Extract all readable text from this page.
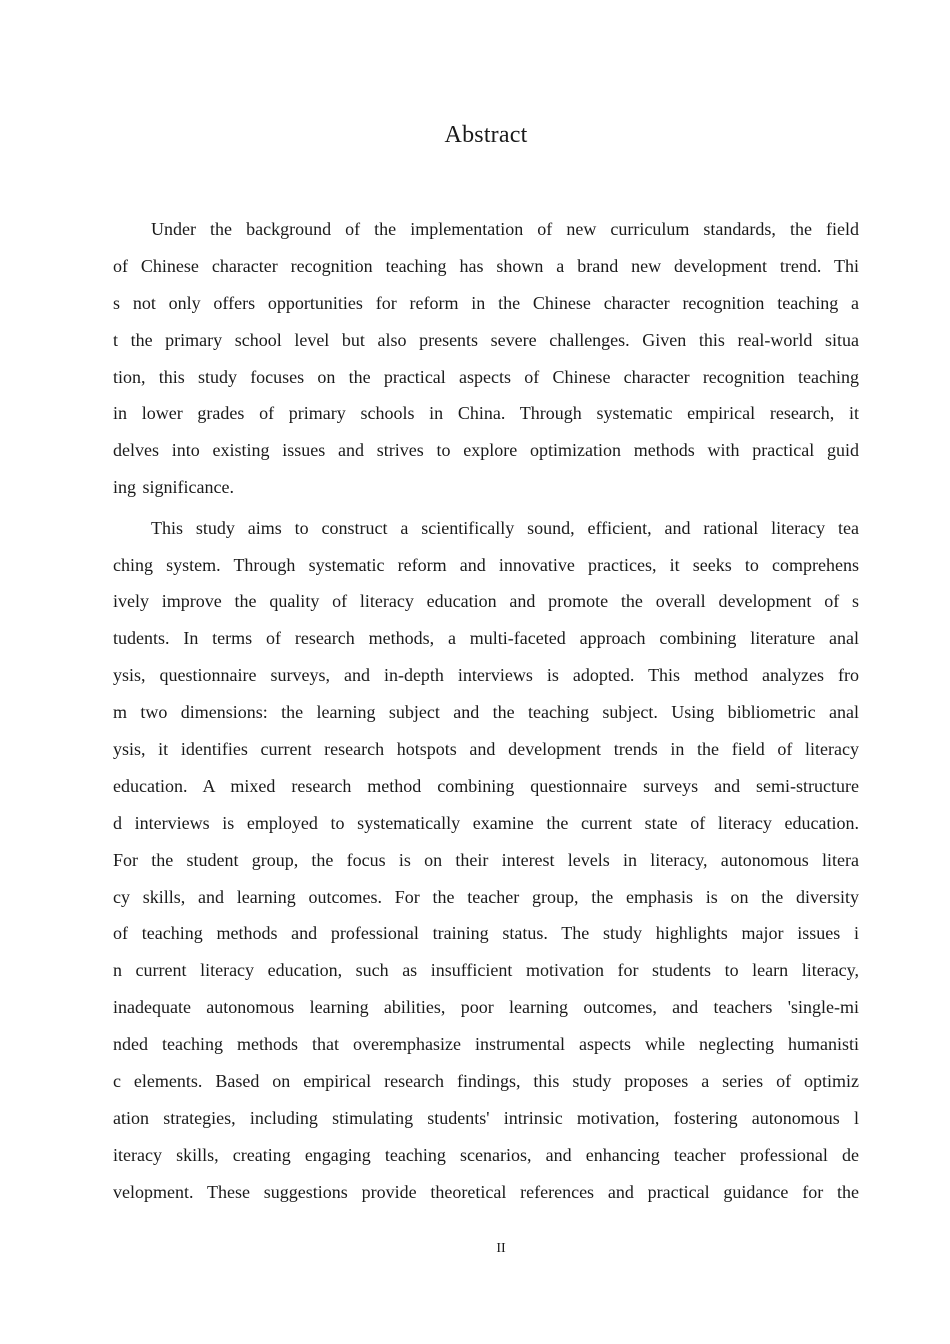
Abstract
Under the background of the implementation of new curriculum standards, the field
of Chinese character recognition teaching has shown a brand new development trend. Thi
s not only offers opportunities for reform in the Chinese character recognition teaching a
t the primary school level but also presents severe challenges. Given this real-world situa
tion, this study focuses on the practical aspects of Chinese character recognition teaching
in lower grades of primary schools in China. Through systematic empirical research, it
delves into existing issues and strives to explore optimization methods with practical guid
ing significance.
This study aims to construct a scientifically sound, efficient, and rational literacy tea
ching system. Through systematic reform and innovative practices, it seeks to comprehens
ively improve the quality of literacy education and promote the overall development of s
tudents. In terms of research methods, a multi-faceted approach combining literature anal
ysis, questionnaire surveys, and in-depth interviews is adopted. This method analyzes fro
m two dimensions: the learning subject and the teaching subject. Using bibliometric anal
ysis, it identifies current research hotspots and development trends in the field of literacy
education. A mixed research method combining questionnaire surveys and semi-structure
d interviews is employed to systematically examine the current state of literacy education.
For the student group, the focus is on their interest levels in literacy, autonomous litera
cy skills, and learning outcomes. For the teacher group, the emphasis is on the diversity
of teaching methods and professional training status. The study highlights major issues i
n current literacy education, such as insufficient motivation for students to learn literacy,
inadequate autonomous learning abilities, poor learning outcomes, and teachers 'single-mi
nded teaching methods that overemphasize instrumental aspects while neglecting humanisti
c elements. Based on empirical research findings, this study proposes a series of optimiz
ation strategies, including stimulating students' intrinsic motivation, fostering autonomous l
iteracy skills, creating engaging teaching scenarios, and enhancing teacher professional de
velopment. These suggestions provide theoretical references and practical guidance for the
II
